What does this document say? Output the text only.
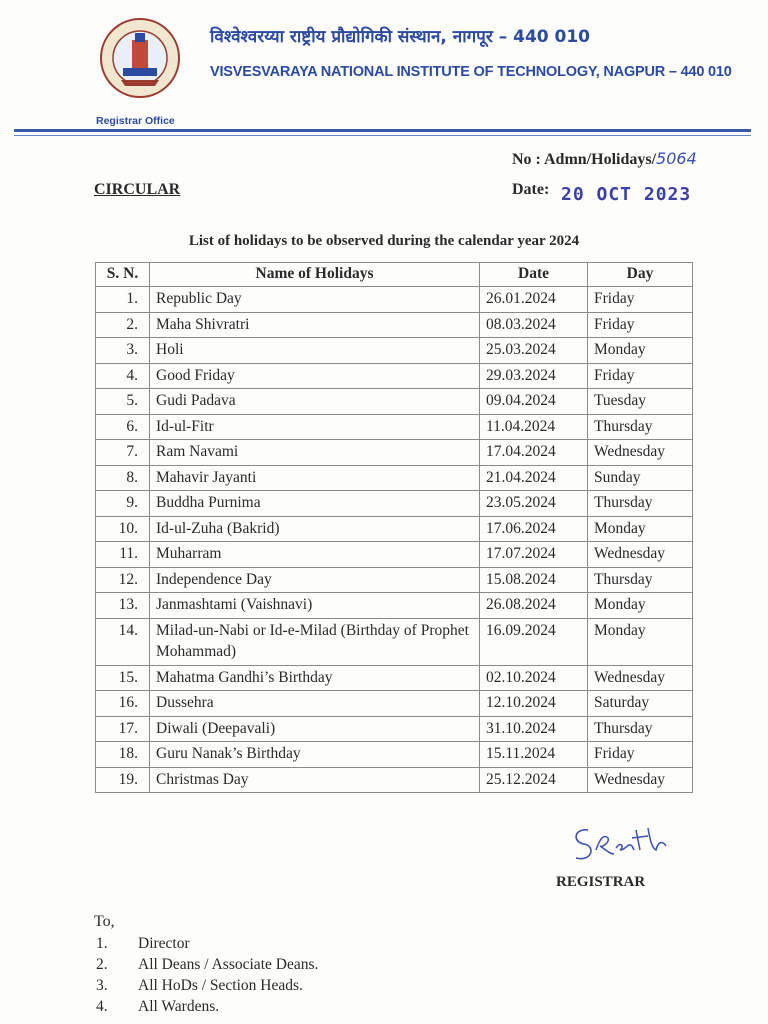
विश्वेश्वरय्या राष्ट्रीय प्रौद्योगिकी संस्थान, नागपूर – 440 010
VISVESVARAYA NATIONAL INSTITUTE OF TECHNOLOGY, NAGPUR – 440 010
Registrar Office
No : Admn/Holidays/5064
CIRCULAR	Date: 20 OCT 2023
List of holidays to be observed during the calendar year 2024
S. N.	Name of Holidays	Date	Day
1.	Republic Day	26.01.2024	Friday
2.	Maha Shivratri	08.03.2024	Friday
3.	Holi	25.03.2024	Monday
4.	Good Friday	29.03.2024	Friday
5.	Gudi Padava	09.04.2024	Tuesday
6.	Id-ul-Fitr	11.04.2024	Thursday
7.	Ram Navami	17.04.2024	Wednesday
8.	Mahavir Jayanti	21.04.2024	Sunday
9.	Buddha Purnima	23.05.2024	Thursday
10.	Id-ul-Zuha (Bakrid)	17.06.2024	Monday
11.	Muharram	17.07.2024	Wednesday
12.	Independence Day	15.08.2024	Thursday
13.	Janmashtami (Vaishnavi)	26.08.2024	Monday
14.	Milad-un-Nabi or Id-e-Milad (Birthday of Prophet Mohammad)	16.09.2024	Monday
15.	Mahatma Gandhi’s Birthday	02.10.2024	Wednesday
16.	Dussehra	12.10.2024	Saturday
17.	Diwali (Deepavali)	31.10.2024	Thursday
18.	Guru Nanak’s Birthday	15.11.2024	Friday
19.	Christmas Day	25.12.2024	Wednesday
REGISTRAR
To,
1. Director
2. All Deans / Associate Deans.
3. All HoDs / Section Heads.
4. All Wardens.
